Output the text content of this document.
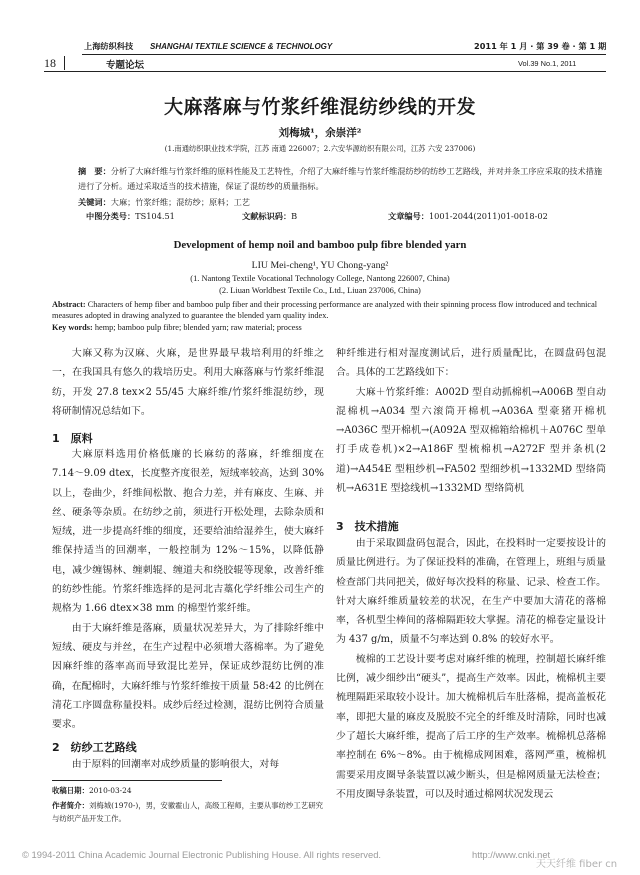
上海纺织科技 SHANGHAI TEXTILE SCIENCE & TECHNOLOGY	2011 年 1 月 · 第 39 卷 · 第 1 期
18	专题论坛	Vol.39 No.1, 2011
大麻落麻与竹浆纤维混纺纱线的开发
刘梅城¹，余崇洋²
(1.南通纺织职业技术学院，江苏 南通 226007；2.六安华源纺织有限公司，江苏 六安 237006)
摘　要：分析了大麻纤维与竹浆纤维的原料性能及工艺特性，介绍了大麻纤维与竹浆纤维混纺纱的纺纱工艺路线，并对并条工序应采取的技术措施进行了分析。通过采取适当的技术措施，保证了混纺纱的质量指标。
关键词：大麻；竹浆纤维；混纺纱；原料；工艺
中图分类号：TS104.51	文献标识码：B	文章编号：1001-2044(2011)01-0018-02
Development of hemp noil and bamboo pulp fibre blended yarn
LIU Mei-cheng¹, YU Chong-yang²
(1. Nantong Textile Vocational Technology College, Nantong 226007, China)
(2. Liuan Worldbest Textile Co., Ltd., Liuan 237006, China)
Abstract: Characters of hemp fiber and bamboo pulp fiber and their processing performance are analyzed with their spinning process flow introduced and technical measures adopted in drawing analyzed to guarantee the blended yarn quality index.
Key words: hemp; bamboo pulp fibre; blended yarn; raw material; process

大麻又称为汉麻、火麻，是世界最早栽培利用的纤维之一，在我国具有悠久的栽培历史。利用大麻落麻与竹浆纤维混纺，开发 27.8 tex×2 55/45 大麻纤维/竹浆纤维混纺纱，现将研制情况总结如下。

1　原料

大麻原料选用价格低廉的长麻纺的落麻，纤维细度在 7.14～9.09 dtex，长度整齐度很差，短绒率较高，达到 30% 以上，卷曲少，纤维间松散、抱合力差，并有麻皮、生麻、并丝、硬条等杂质。在纺纱之前，须进行开松处理，去除杂质和短绒，进一步提高纤维的细度，还要给油给湿养生，使大麻纤维保持适当的回潮率，一般控制为 12%～15%，以降低静电，减少缠锡林、缠刺辊、缠道夫和绕胶辊等现象，改善纤维的纺纱性能。竹浆纤维选择的是河北吉藁化学纤维公司生产的规格为 1.66 dtex×38 mm 的棉型竹浆纤维。

由于大麻纤维是落麻，质量状况差异大，为了排除纤维中短绒、硬皮与并丝，在生产过程中必须增大落棉率。为了避免因麻纤维的落率高而导致混比差异，保证成纱混纺比例的准确，在配棉时，大麻纤维与竹浆纤维按干质量 58:42 的比例在清花工序圆盘称量投料。成纱后经过检测，混纺比例符合质量要求。

2　纺纱工艺路线

由于原料的回潮率对成纱质量的影响很大，对每

收稿日期：2010-03-24
作者简介：刘梅城(1970-)，男，安徽霍山人，高级工程师，主要从事纺纱工艺研究与纺织产品开发工作。

种纤维进行相对湿度测试后，进行质量配比，在圆盘码包混合。具体的工艺路线如下：

大麻＋竹浆纤维：A002D 型自动抓棉机→A006B 型自动混棉机→A034 型六滚筒开棉机→A036A 型豪猪开棉机→A036C 型开棉机→(A092A 型双棉箱给棉机＋A076C 型单打手成卷机)×2→A186F 型梳棉机→A272F 型并条机(2 道)→A454E 型粗纱机→FA502 型细纱机→1332MD 型络筒机→A631E 型捻线机→1332MD 型络筒机

3　技术措施

由于采取圆盘码包混合，因此，在投料时一定要按设计的质量比例进行。为了保证投料的准确，在管理上，班组与质量检查部门共同把关，做好每次投料的称量、记录、检查工作。针对大麻纤维质量较差的状况，在生产中要加大清花的落棉率，各机型尘棒间的落棉隔距较大掌握。清花的棉卷定量设计为 437 g/m，质量不匀率达到 0.8% 的较好水平。

梳棉的工艺设计要考虑对麻纤维的梳理，控制超长麻纤维比例，减少细纱出“硬头”，提高生产效率。因此，梳棉机主要梳理隔距采取较小设计。加大梳棉机后车肚落棉，提高盖板花率，即把大量的麻皮及脱胶不完全的纤维及时清除，同时也减少了超长大麻纤维，提高了后工序的生产效率。梳棉机总落棉率控制在 6%～8%。由于梳棉成网困难，落网严重，梳棉机需要采用皮圈导条装置以减少断头，但是棉网质量无法检查；不用皮圈导条装置，可以及时通过棉网状况发现云

© 1994-2011 China Academic Journal Electronic Publishing House. All rights reserved.	http://www.cnki.net
天天纤维 fiber cn
